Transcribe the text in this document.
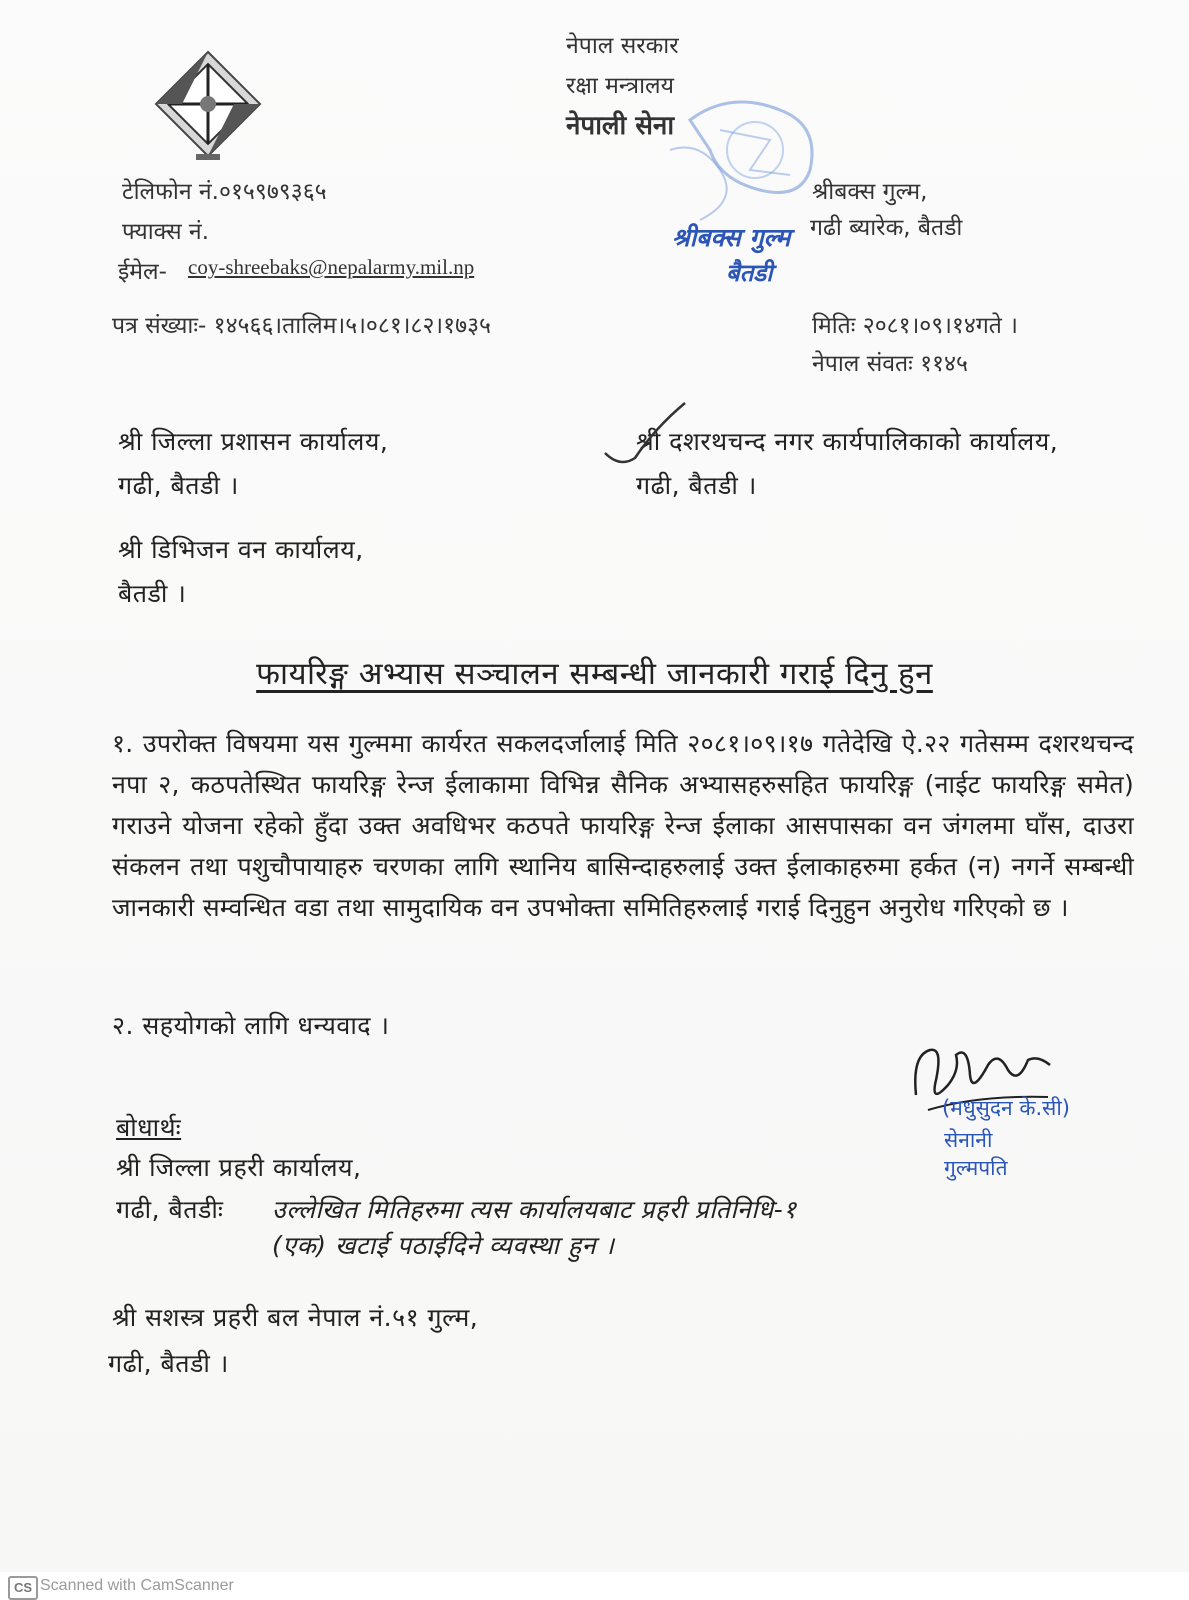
नेपाल सरकार
रक्षा मन्त्रालय
नेपाली सेना
श्रीबक्स गुल्म,
गढी ब्यारेक, बैतडी
श्रीबक्स गुल्म
बैतडी
टेलिफोन नं.०१५९७९३६५
फ्याक्स नं.
ईमेल- coy-shreebaks@nepalarmy.mil.np
पत्र संख्याः- १४५६६।तालिम।५।०८१।८२।१७३५	मितिः २०८१।०९।१४गते ।
नेपाल संवतः ११४५
श्री जिल्ला प्रशासन कार्यालय,
गढी, बैतडी ।
श्री दशरथचन्द नगर कार्यपालिकाको कार्यालय,
गढी, बैतडी ।
श्री डिभिजन वन कार्यालय,
बैतडी ।
फायरिङ्ग अभ्यास सञ्चालन सम्बन्धी जानकारी गराई दिनु हुन
१. उपरोक्त विषयमा यस गुल्ममा कार्यरत सकलदर्जालाई मिति २०८१।०९।१७ गतेदेखि ऐ.२२ गतेसम्म दशरथचन्द नपा २, कठपतेस्थित फायरिङ्ग रेन्ज ईलाकामा विभिन्न सैनिक अभ्यासहरुसहित फायरिङ्ग (नाईट फायरिङ्ग समेत) गराउने योजना रहेको हुँदा उक्त अवधिभर कठपते फायरिङ्ग रेन्ज ईलाका आसपासका वन जंगलमा घाँस, दाउरा संकलन तथा पशुचौपायाहरु चरणका लागि स्थानिय बासिन्दाहरुलाई उक्त ईलाकाहरुमा हर्कत (न) नगर्ने सम्बन्धी जानकारी सम्वन्धित वडा तथा सामुदायिक वन उपभोक्ता समितिहरुलाई गराई दिनुहुन अनुरोध गरिएको छ ।
२. सहयोगको लागि धन्यवाद ।
(मधुसुदन के.सी)
सेनानी
गुल्मपति
बोधार्थः
श्री जिल्ला प्रहरी कार्यालय,
गढी, बैतडीः उल्लेखित मितिहरुमा त्यस कार्यालयबाट प्रहरी प्रतिनिधि-१
(एक) खटाई पठाईदिने व्यवस्था हुन ।
श्री सशस्त्र प्रहरी बल नेपाल नं.५१ गुल्म,
गढी, बैतडी ।
CS Scanned with CamScanner
